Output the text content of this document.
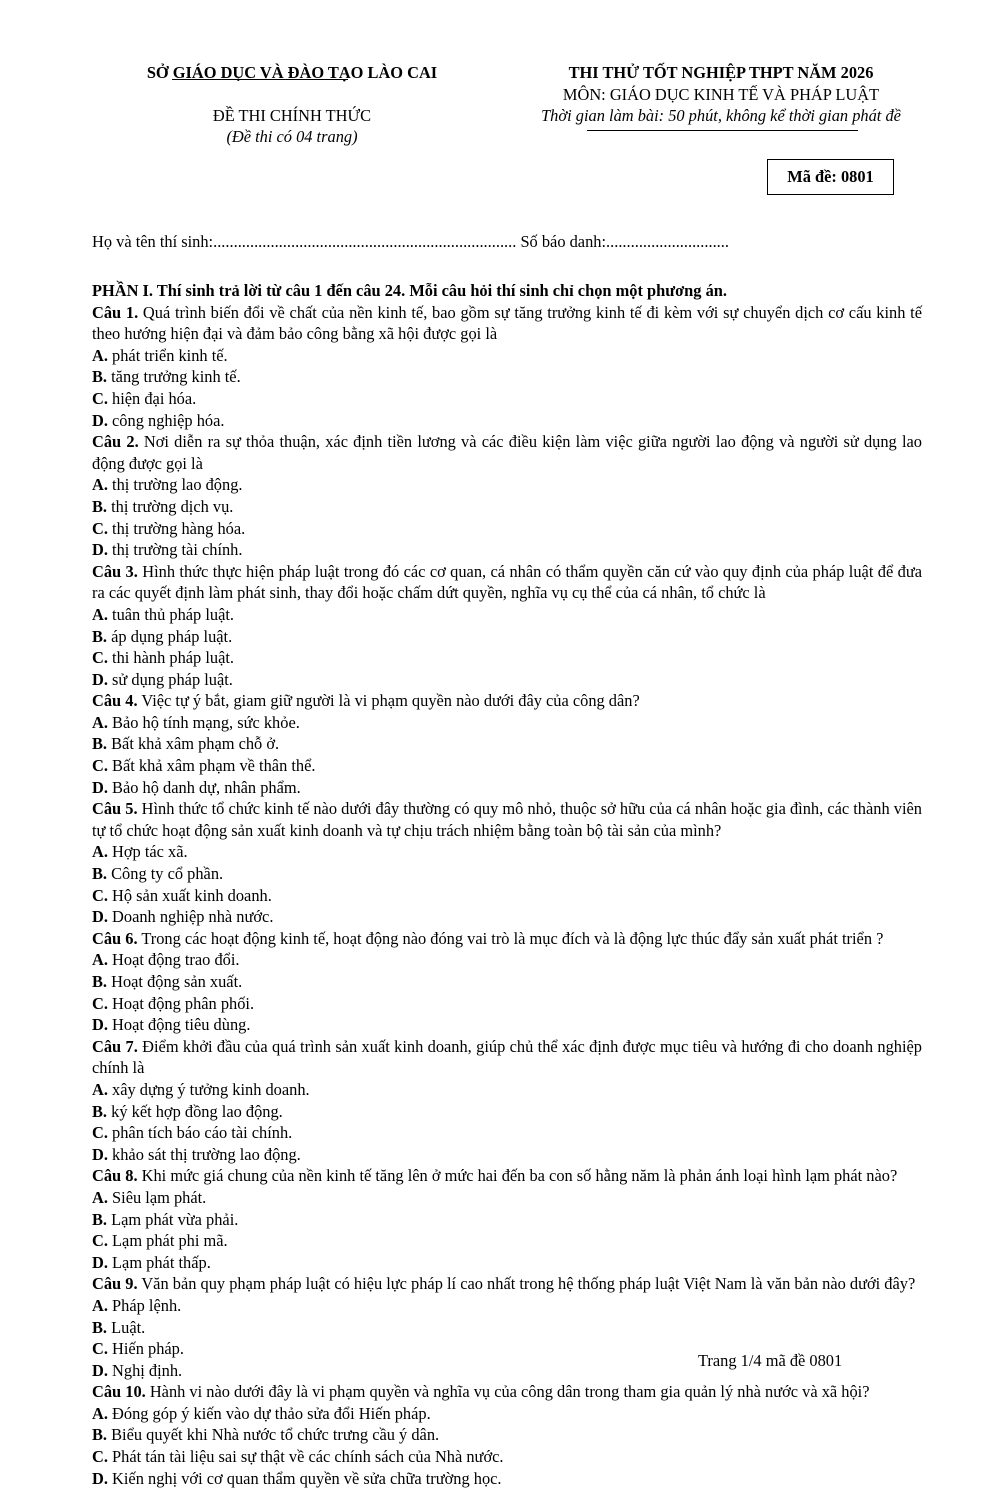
SỞ GIÁO DỤC VÀ ĐÀO TẠO LÀO CAI
ĐỀ THI CHÍNH THỨC
(Đề thi có 04 trang)
THI THỬ TỐT NGHIỆP THPT NĂM 2026
MÔN: GIÁO DỤC KINH TẾ VÀ PHÁP LUẬT
Thời gian làm bài: 50 phút, không kể thời gian phát đề
Mã đề: 0801
Họ và tên thí sinh:.......................................................................... Số báo danh:..............................
PHẦN I. Thí sinh trả lời từ câu 1 đến câu 24. Mỗi câu hỏi thí sinh chỉ chọn một phương án.
Câu 1. Quá trình biến đổi về chất của nền kinh tế, bao gồm sự tăng trưởng kinh tế đi kèm với sự chuyển dịch cơ cấu kinh tế theo hướng hiện đại và đảm bảo công bằng xã hội được gọi là
A. phát triển kinh tế.
B. tăng trưởng kinh tế.
C. hiện đại hóa.
D. công nghiệp hóa.
Câu 2. Nơi diễn ra sự thỏa thuận, xác định tiền lương và các điều kiện làm việc giữa người lao động và người sử dụng lao động được gọi là
A. thị trường lao động.
B. thị trường dịch vụ.
C. thị trường hàng hóa.
D. thị trường tài chính.
Câu 3. Hình thức thực hiện pháp luật trong đó các cơ quan, cá nhân có thẩm quyền căn cứ vào quy định của pháp luật để đưa ra các quyết định làm phát sinh, thay đổi hoặc chấm dứt quyền, nghĩa vụ cụ thể của cá nhân, tổ chức là
A. tuân thủ pháp luật.
B. áp dụng pháp luật.
C. thi hành pháp luật.
D. sử dụng pháp luật.
Câu 4. Việc tự ý bắt, giam giữ người là vi phạm quyền nào dưới đây của công dân?
A. Bảo hộ tính mạng, sức khỏe.
B. Bất khả xâm phạm chỗ ở.
C. Bất khả xâm phạm về thân thể.
D. Bảo hộ danh dự, nhân phẩm.
Câu 5. Hình thức tổ chức kinh tế nào dưới đây thường có quy mô nhỏ, thuộc sở hữu của cá nhân hoặc gia đình, các thành viên tự tổ chức hoạt động sản xuất kinh doanh và tự chịu trách nhiệm bằng toàn bộ tài sản của mình?
A. Hợp tác xã.
B. Công ty cổ phần.
C. Hộ sản xuất kinh doanh.
D. Doanh nghiệp nhà nước.
Câu 6. Trong các hoạt động kinh tế, hoạt động nào đóng vai trò là mục đích và là động lực thúc đẩy sản xuất phát triển ?
A. Hoạt động trao đổi.
B. Hoạt động sản xuất.
C. Hoạt động phân phối.
D. Hoạt động tiêu dùng.
Câu 7. Điểm khởi đầu của quá trình sản xuất kinh doanh, giúp chủ thể xác định được mục tiêu và hướng đi cho doanh nghiệp chính là
A. xây dựng ý tưởng kinh doanh.
B. ký kết hợp đồng lao động.
C. phân tích báo cáo tài chính.
D. khảo sát thị trường lao động.
Câu 8. Khi mức giá chung của nền kinh tế tăng lên ở mức hai đến ba con số hằng năm là phản ánh loại hình lạm phát nào?
A. Siêu lạm phát.
B. Lạm phát vừa phải.
C. Lạm phát phi mã.
D. Lạm phát thấp.
Câu 9. Văn bản quy phạm pháp luật có hiệu lực pháp lí cao nhất trong hệ thống pháp luật Việt Nam là văn bản nào dưới đây?
A. Pháp lệnh.
B. Luật.
C. Hiến pháp.
D. Nghị định.
Câu 10. Hành vi nào dưới đây là vi phạm quyền và nghĩa vụ của công dân trong tham gia quản lý nhà nước và xã hội?
A. Đóng góp ý kiến vào dự thảo sửa đổi Hiến pháp.
B. Biểu quyết khi Nhà nước tổ chức trưng cầu ý dân.
C. Phát tán tài liệu sai sự thật về các chính sách của Nhà nước.
D. Kiến nghị với cơ quan thẩm quyền về sửa chữa trường học.
Trang 1/4 mã đề 0801
